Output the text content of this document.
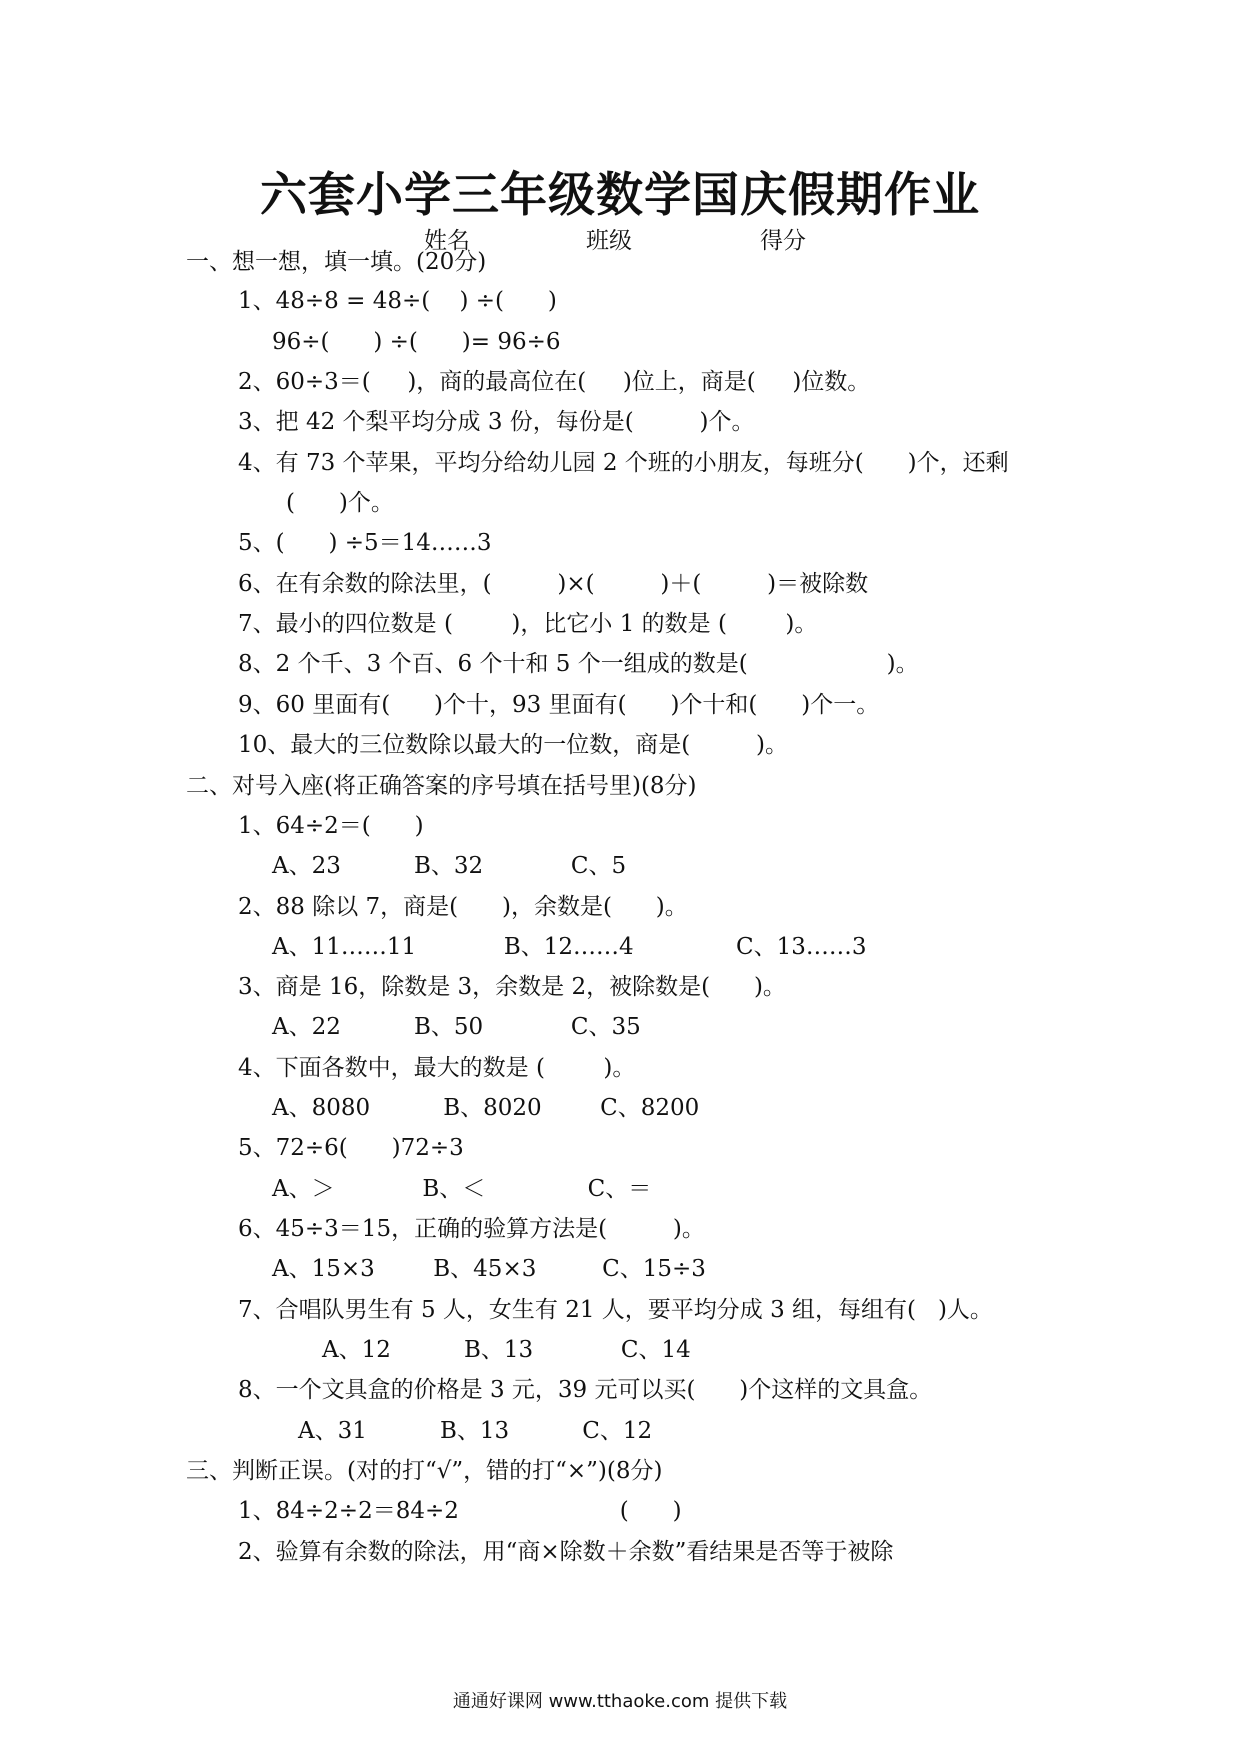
六套小学三年级数学国庆假期作业
姓名	班级	得分
一、想一想，填一填。(20分)
1、48÷8 = 48÷(    ) ÷(      )
96÷(      ) ÷(      )= 96÷6
2、60÷3＝(     )，商的最高位在(     )位上，商是(     )位数。
3、把 42 个梨平均分成 3 份，每份是(         )个。
4、有 73 个苹果，平均分给幼儿园 2 个班的小朋友，每班分(      )个，还剩
(      )个。
5、(      ) ÷5＝14……3
6、在有余数的除法里，(         )×(         )＋(         )＝被除数
7、最小的四位数是 (        )，比它小 1 的数是 (        )。
8、2 个千、3 个百、6 个十和 5 个一组成的数是(                   )。
9、60 里面有(      )个十，93 里面有(      )个十和(      )个一。
10、最大的三位数除以最大的一位数，商是(         )。
二、对号入座(将正确答案的序号填在括号里)(8分)
1、64÷2＝(      )
A、23          B、32            C、5
2、88 除以 7，商是(      )，余数是(      )。
A、11……11            B、12……4              C、13……3
3、商是 16，除数是 3，余数是 2，被除数是(      )。
A、22          B、50            C、35
4、下面各数中，最大的数是 (        )。
A、8080          B、8020        C、8200
5、72÷6(      )72÷3
A、＞            B、＜              C、＝
6、45÷3＝15，正确的验算方法是(         )。
A、15×3        B、45×3         C、15÷3
7、合唱队男生有 5 人，女生有 21 人，要平均分成 3 组，每组有(   )人。
A、12          B、13            C、14
8、一个文具盒的价格是 3 元，39 元可以买(      )个这样的文具盒。
A、31          B、13          C、12
三、判断正误。(对的打“√”，错的打“×”)(8分)
1、84÷2÷2＝84÷2                      (      )
2、验算有余数的除法，用“商×除数＋余数”看结果是否等于被除
通通好课网 www.tthaoke.com 提供下载
